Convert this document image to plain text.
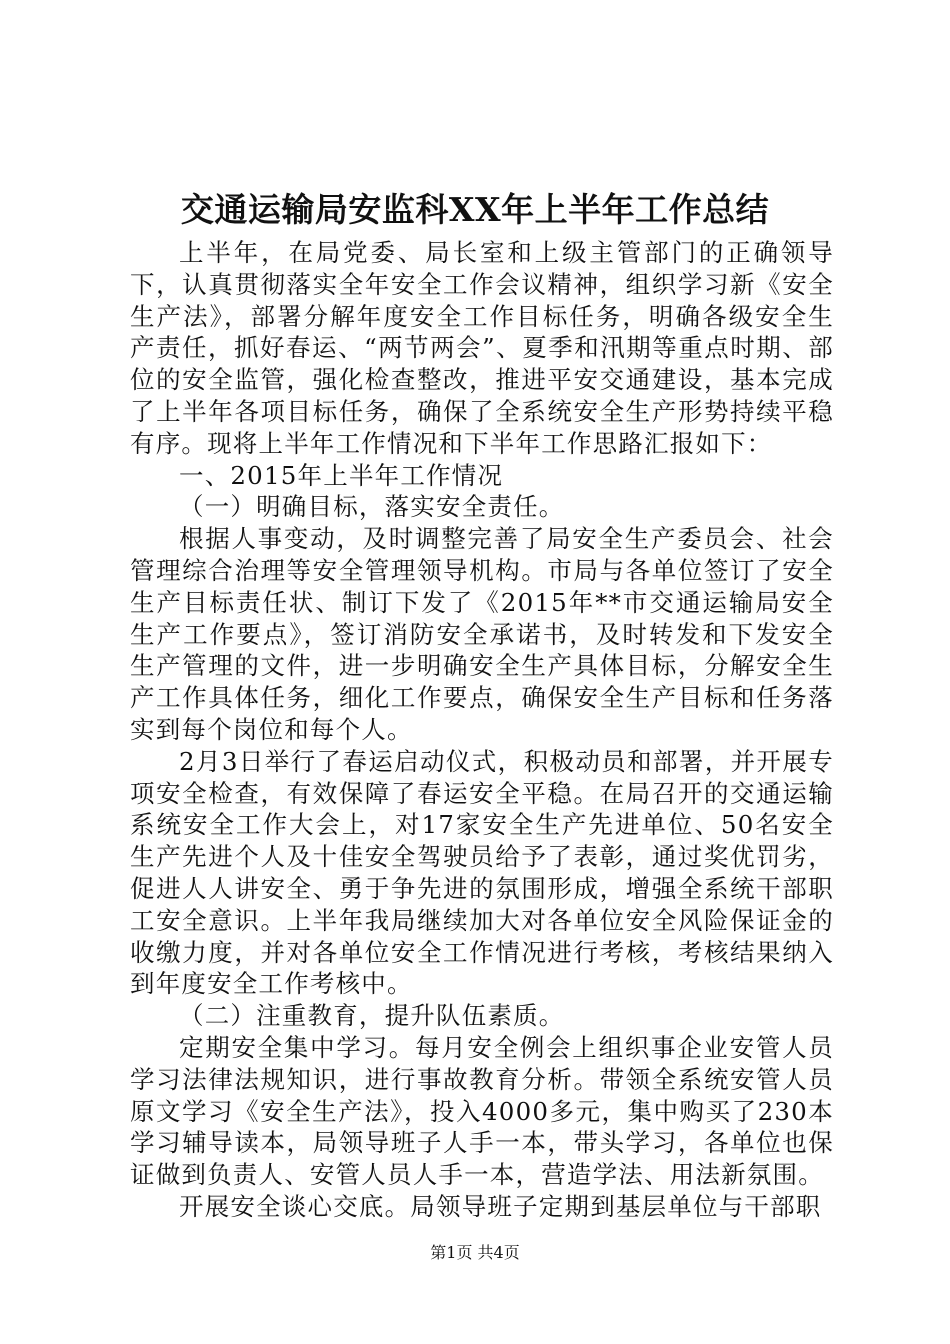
交通运输局安监科XX年上半年工作总结

上半年，在局党委、局长室和上级主管部门的正确领导下，认真贯彻落实全年安全工作会议精神，组织学习新《安全生产法》，部署分解年度安全工作目标任务，明确各级安全生产责任，抓好春运、“两节两会”、夏季和汛期等重点时期、部位的安全监管，强化检查整改，推进平安交通建设，基本完成了上半年各项目标任务，确保了全系统安全生产形势持续平稳有序。现将上半年工作情况和下半年工作思路汇报如下：

一、2015年上半年工作情况

（一）明确目标，落实安全责任。

根据人事变动，及时调整完善了局安全生产委员会、社会管理综合治理等安全管理领导机构。市局与各单位签订了安全生产目标责任状、制订下发了《2015年**市交通运输局安全生产工作要点》，签订消防安全承诺书，及时转发和下发安全生产管理的文件，进一步明确安全生产具体目标，分解安全生产工作具体任务，细化工作要点，确保安全生产目标和任务落实到每个岗位和每个人。

2月3日举行了春运启动仪式，积极动员和部署，并开展专项安全检查，有效保障了春运安全平稳。在局召开的交通运输系统安全工作大会上，对17家安全生产先进单位、50名安全生产先进个人及十佳安全驾驶员给予了表彰，通过奖优罚劣，促进人人讲安全、勇于争先进的氛围形成，增强全系统干部职工安全意识。上半年我局继续加大对各单位安全风险保证金的收缴力度，并对各单位安全工作情况进行考核，考核结果纳入到年度安全工作考核中。

（二）注重教育，提升队伍素质。

定期安全集中学习。每月安全例会上组织事企业安管人员学习法律法规知识，进行事故教育分析。带领全系统安管人员原文学习《安全生产法》，投入4000多元，集中购买了230本学习辅导读本，局领导班子人手一本，带头学习，各单位也保证做到负责人、安管人员人手一本，营造学法、用法新氛围。

开展安全谈心交底。局领导班子定期到基层单位与干部职

第1页 共4页
